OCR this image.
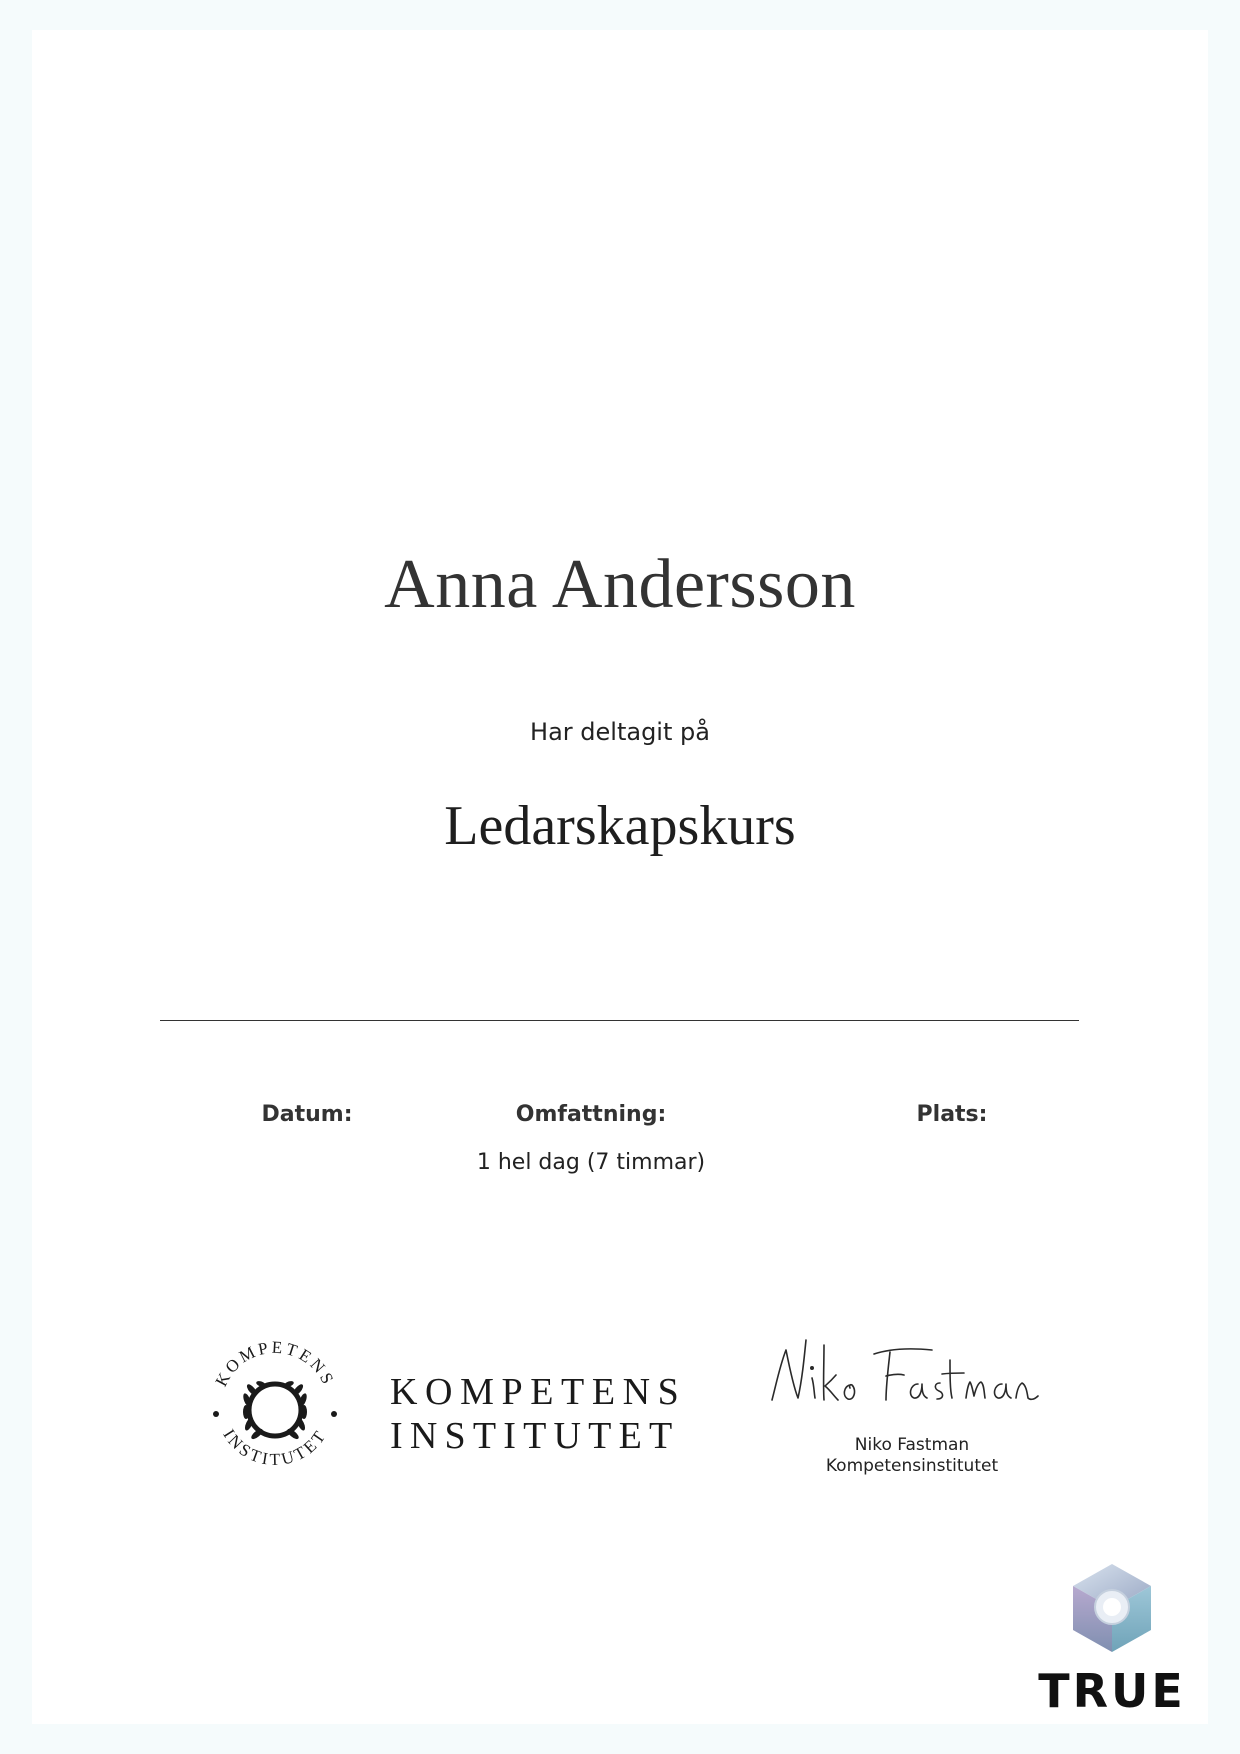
Anna Andersson
Har deltagit på
Ledarskapskurs
Datum:	Omfattning:
1 hel dag (7 timmar)
Plats:
KOMPETENS
INSTITUTET
KOMPETENS
INSTITUTET	Niko Fastman
Kompetensinstitutet
TRUE
